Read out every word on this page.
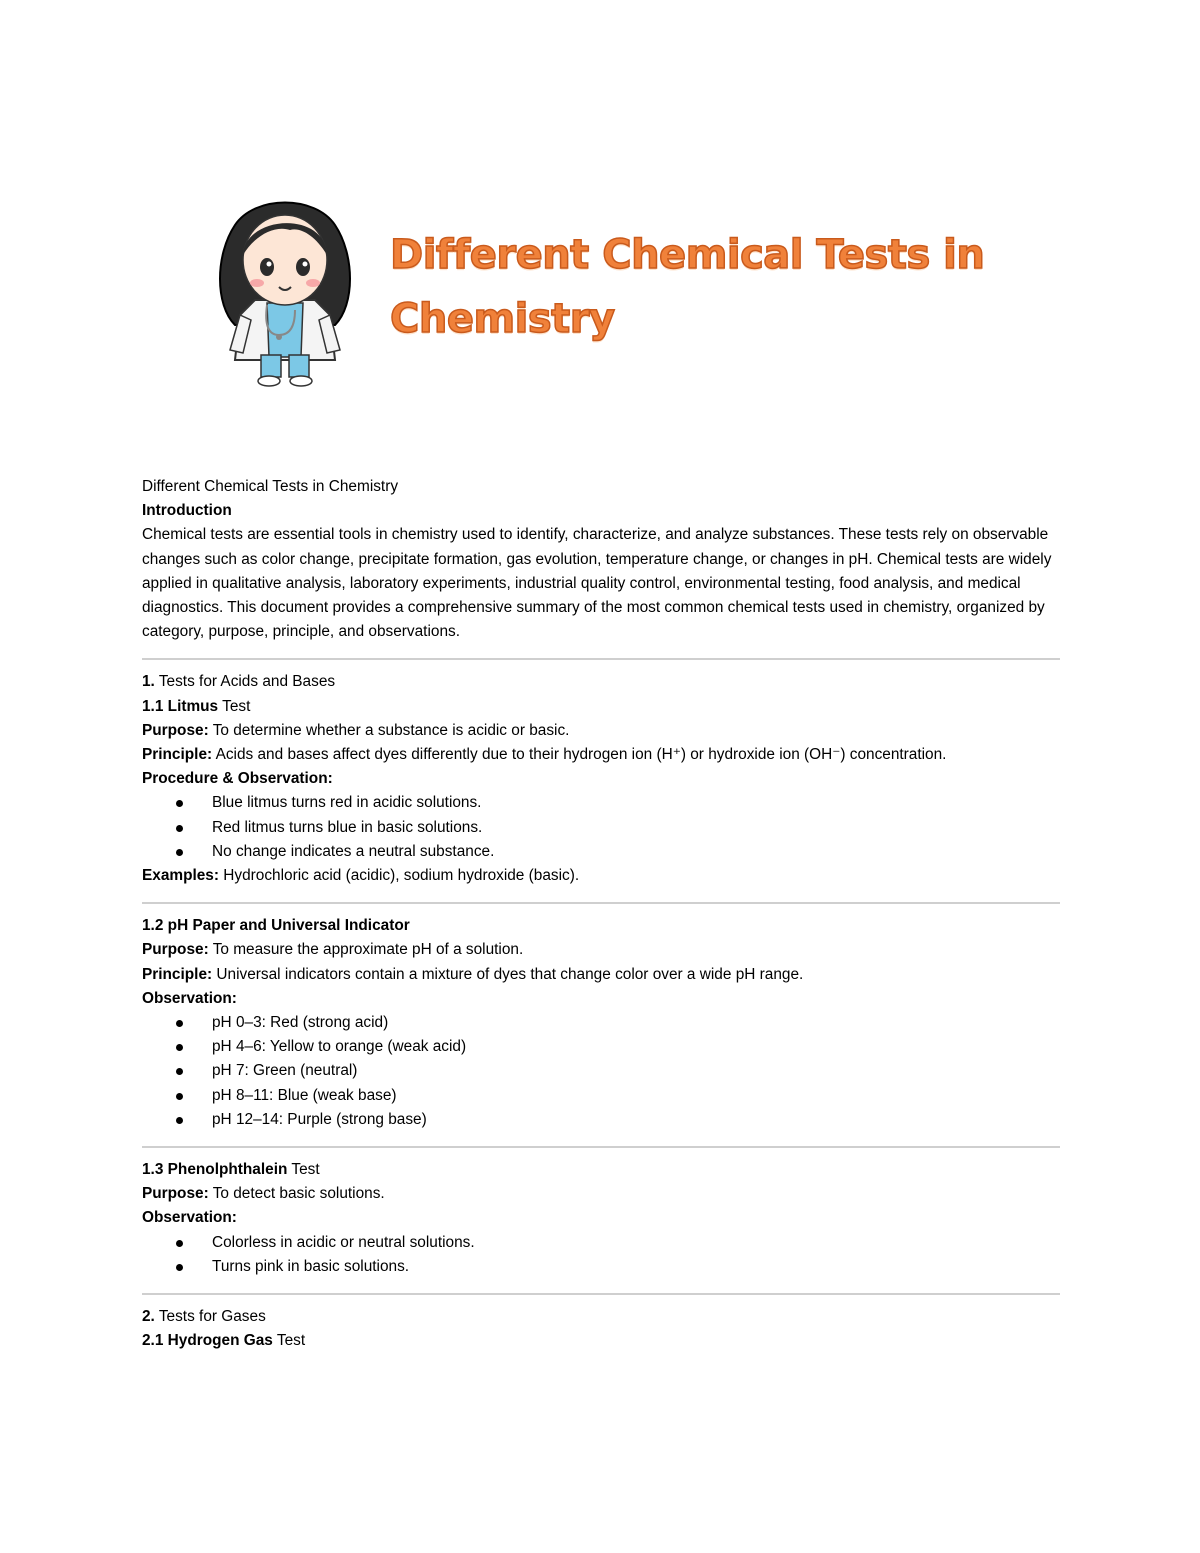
Different Chemical Tests in Chemistry

Different Chemical Tests in Chemistry

Introduction

Chemical tests are essential tools in chemistry used to identify, characterize, and analyze substances. These tests rely on observable changes such as color change, precipitate formation, gas evolution, temperature change, or changes in pH. Chemical tests are widely applied in qualitative analysis, laboratory experiments, industrial quality control, environmental testing, food analysis, and medical diagnostics. This document provides a comprehensive summary of the most common chemical tests used in chemistry, organized by category, purpose, principle, and observations.

1. Tests for Acids and Bases

1.1 Litmus Test

Purpose: To determine whether a substance is acidic or basic.

Principle: Acids and bases affect dyes differently due to their hydrogen ion (H⁺) or hydroxide ion (OH⁻) concentration.

Procedure & Observation:

Blue litmus turns red in acidic solutions.
Red litmus turns blue in basic solutions.
No change indicates a neutral substance.

Examples: Hydrochloric acid (acidic), sodium hydroxide (basic).

1.2 pH Paper and Universal Indicator

Purpose: To measure the approximate pH of a solution.

Principle: Universal indicators contain a mixture of dyes that change color over a wide pH range.

Observation:

pH 0–3: Red (strong acid)
pH 4–6: Yellow to orange (weak acid)
pH 7: Green (neutral)
pH 8–11: Blue (weak base)
pH 12–14: Purple (strong base)

1.3 Phenolphthalein Test

Purpose: To detect basic solutions.

Observation:

Colorless in acidic or neutral solutions.
Turns pink in basic solutions.

2. Tests for Gases

2.1 Hydrogen Gas Test
